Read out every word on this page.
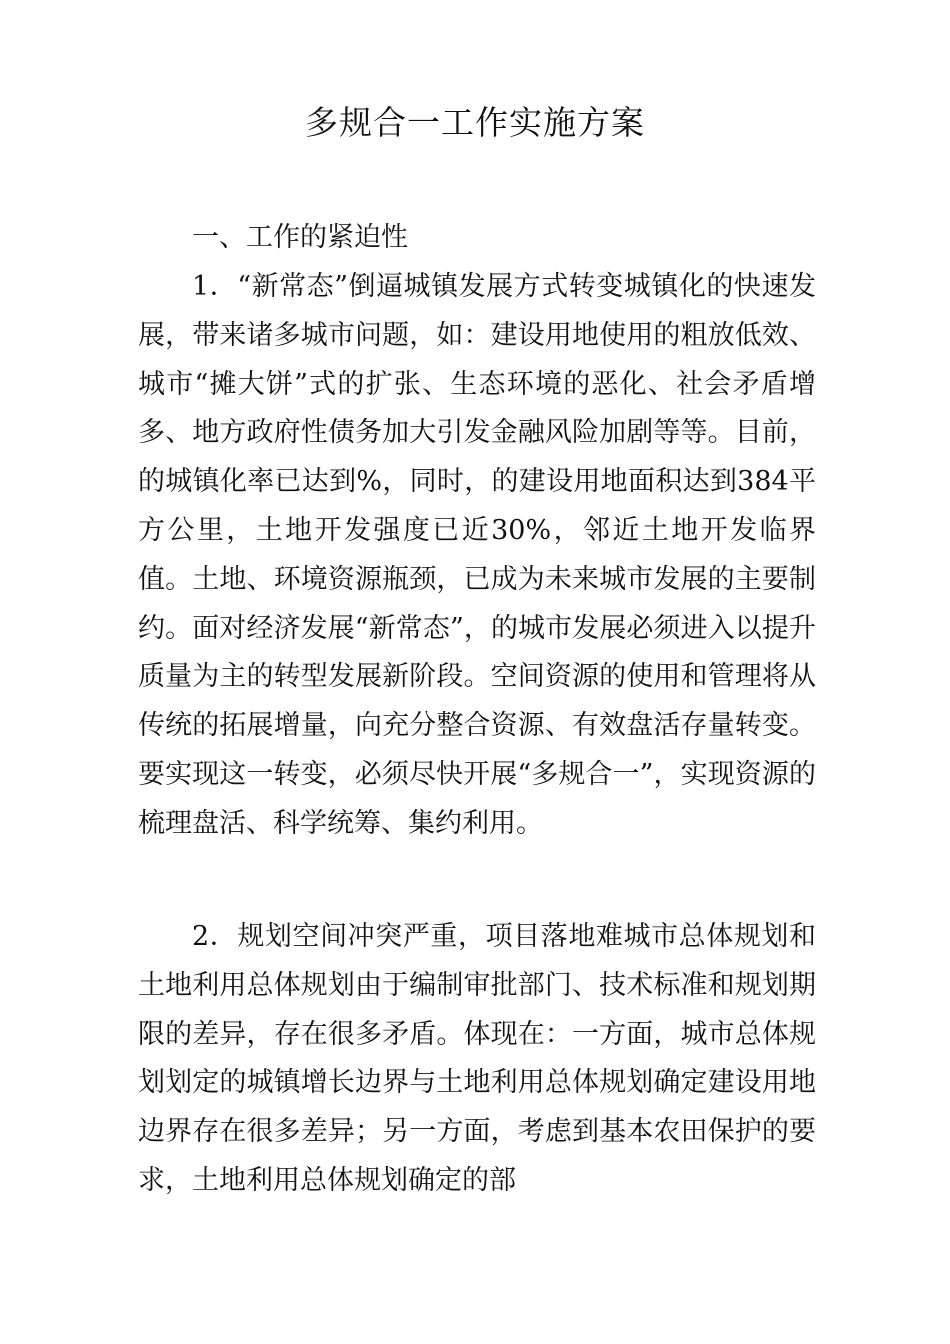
多规合一工作实施方案

一、工作的紧迫性

1．“新常态”倒逼城镇发展方式转变城镇化的快速发展，带来诸多城市问题，如：建设用地使用的粗放低效、城市“摊大饼”式的扩张、生态环境的恶化、社会矛盾增多、地方政府性债务加大引发金融风险加剧等等。目前，的城镇化率已达到%，同时，的建设用地面积达到384平方公里，土地开发强度已近30%，邻近土地开发临界值。土地、环境资源瓶颈，已成为未来城市发展的主要制约。面对经济发展“新常态”，的城市发展必须进入以提升质量为主的转型发展新阶段。空间资源的使用和管理将从传统的拓展增量，向充分整合资源、有效盘活存量转变。要实现这一转变，必须尽快开展“多规合一”，实现资源的梳理盘活、科学统筹、集约利用。

2．规划空间冲突严重，项目落地难城市总体规划和土地利用总体规划由于编制审批部门、技术标准和规划期限的差异，存在很多矛盾。体现在：一方面，城市总体规划划定的城镇增长边界与土地利用总体规划确定建设用地边界存在很多差异；另一方面，考虑到基本农田保护的要求，土地利用总体规划确定的部
